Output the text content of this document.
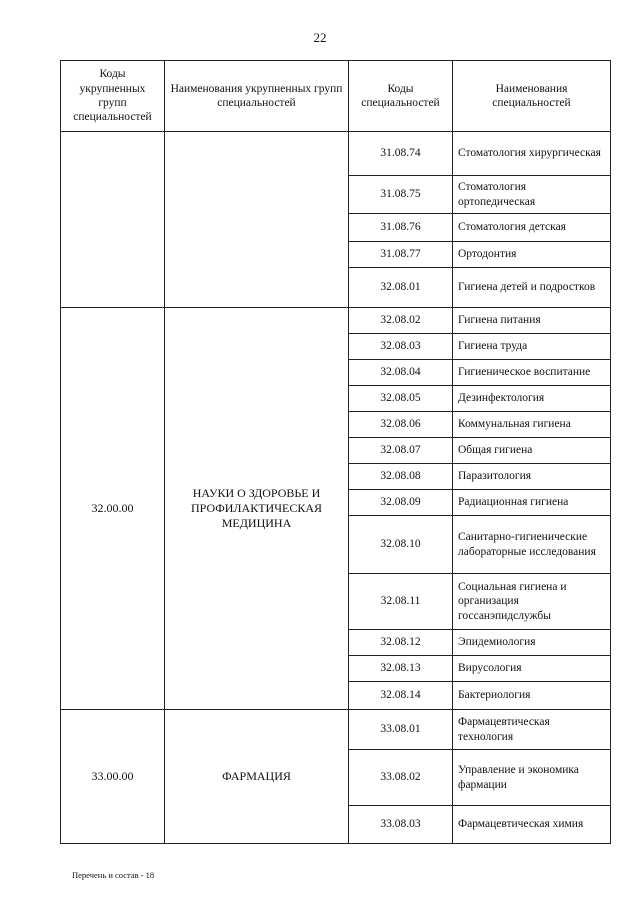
22
Коды укрупненных групп специальностей	Наименования укрупненных групп специальностей	Коды специальностей	Наименования специальностей
		31.08.74	Стоматология хирургическая
		31.08.75	Стоматология ортопедическая
		31.08.76	Стоматология детская
		31.08.77	Ортодонтия
		32.08.01	Гигиена детей и подростков
32.00.00	НАУКИ О ЗДОРОВЬЕ И ПРОФИЛАКТИЧЕСКАЯ МЕДИЦИНА	32.08.02	Гигиена питания
		32.08.03	Гигиена труда
		32.08.04	Гигиеническое воспитание
		32.08.05	Дезинфектология
		32.08.06	Коммунальная гигиена
		32.08.07	Общая гигиена
		32.08.08	Паразитология
		32.08.09	Радиационная гигиена
		32.08.10	Санитарно-гигиенические лабораторные исследования
		32.08.11	Социальная гигиена и организация госсанэпидслужбы
		32.08.12	Эпидемиология
		32.08.13	Вирусология
		32.08.14	Бактериология
33.00.00	ФАРМАЦИЯ	33.08.01	Фармацевтическая технология
		33.08.02	Управление и экономика фармации
		33.08.03	Фармацевтическая химия
Перечень и состав - 18
